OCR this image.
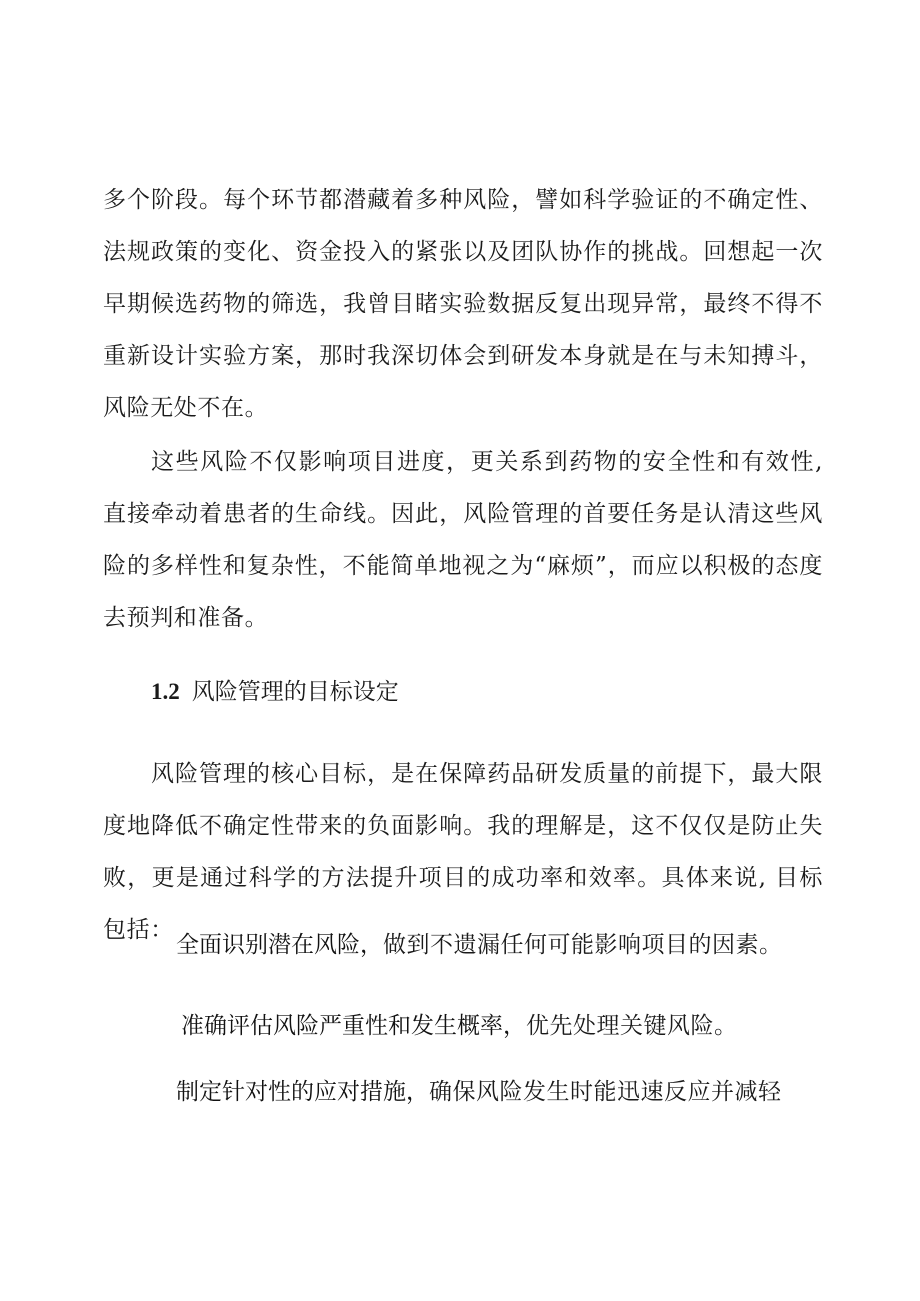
多个阶段。每个环节都潜藏着多种风险，譬如科学验证的不确定性、法规政策的变化、资金投入的紧张以及团队协作的挑战。回想起一次早期候选药物的筛选，我曾目睹实验数据反复出现异常，最终不得不重新设计实验方案，那时我深切体会到研发本身就是在与未知搏斗，风险无处不在。

这些风险不仅影响项目进度，更关系到药物的安全性和有效性, 直接牵动着患者的生命线。因此，风险管理的首要任务是认清这些风险的多样性和复杂性，不能简单地视之为“麻烦”，而应以积极的态度去预判和准备。

1.2 风险管理的目标设定

风险管理的核心目标，是在保障药品研发质量的前提下，最大限度地降低不确定性带来的负面影响。我的理解是，这不仅仅是防止失败，更是通过科学的方法提升项目的成功率和效率。具体来说, 目标包括：

全面识别潜在风险，做到不遗漏任何可能影响项目的因素。

准确评估风险严重性和发生概率，优先处理关键风险。

制定针对性的应对措施，确保风险发生时能迅速反应并减轻
